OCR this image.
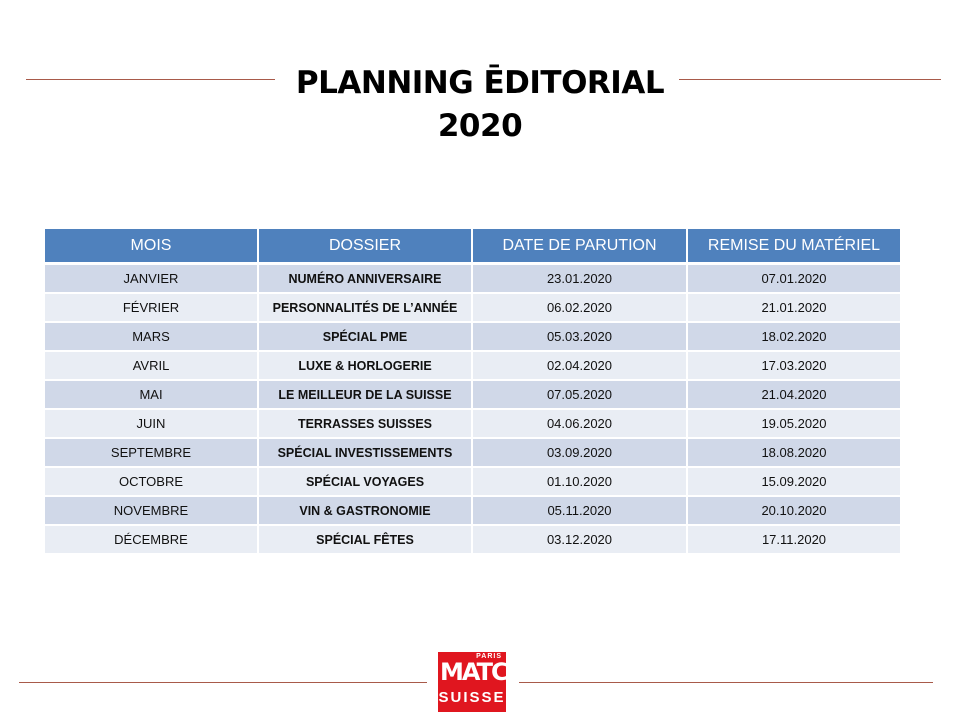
PLANNING ĒDITORIAL
2020
MOIS	DOSSIER	DATE DE PARUTION	REMISE DU MATÉRIEL
JANVIER	NUMÉRO ANNIVERSAIRE	23.01.2020	07.01.2020
FÉVRIER	PERSONNALITÉS DE L’ANNÉE	06.02.2020	21.01.2020
MARS	SPÉCIAL PME	05.03.2020	18.02.2020
AVRIL	LUXE & HORLOGERIE	02.04.2020	17.03.2020
MAI	LE MEILLEUR DE LA SUISSE	07.05.2020	21.04.2020
JUIN	TERRASSES SUISSES	04.06.2020	19.05.2020
SEPTEMBRE	SPÉCIAL INVESTISSEMENTS	03.09.2020	18.08.2020
OCTOBRE	SPÉCIAL VOYAGES	01.10.2020	15.09.2020
NOVEMBRE	VIN & GASTRONOMIE	05.11.2020	20.10.2020
DÉCEMBRE	SPÉCIAL FÊTES	03.12.2020	17.11.2020
PARIS
MATCH
SUISSE
